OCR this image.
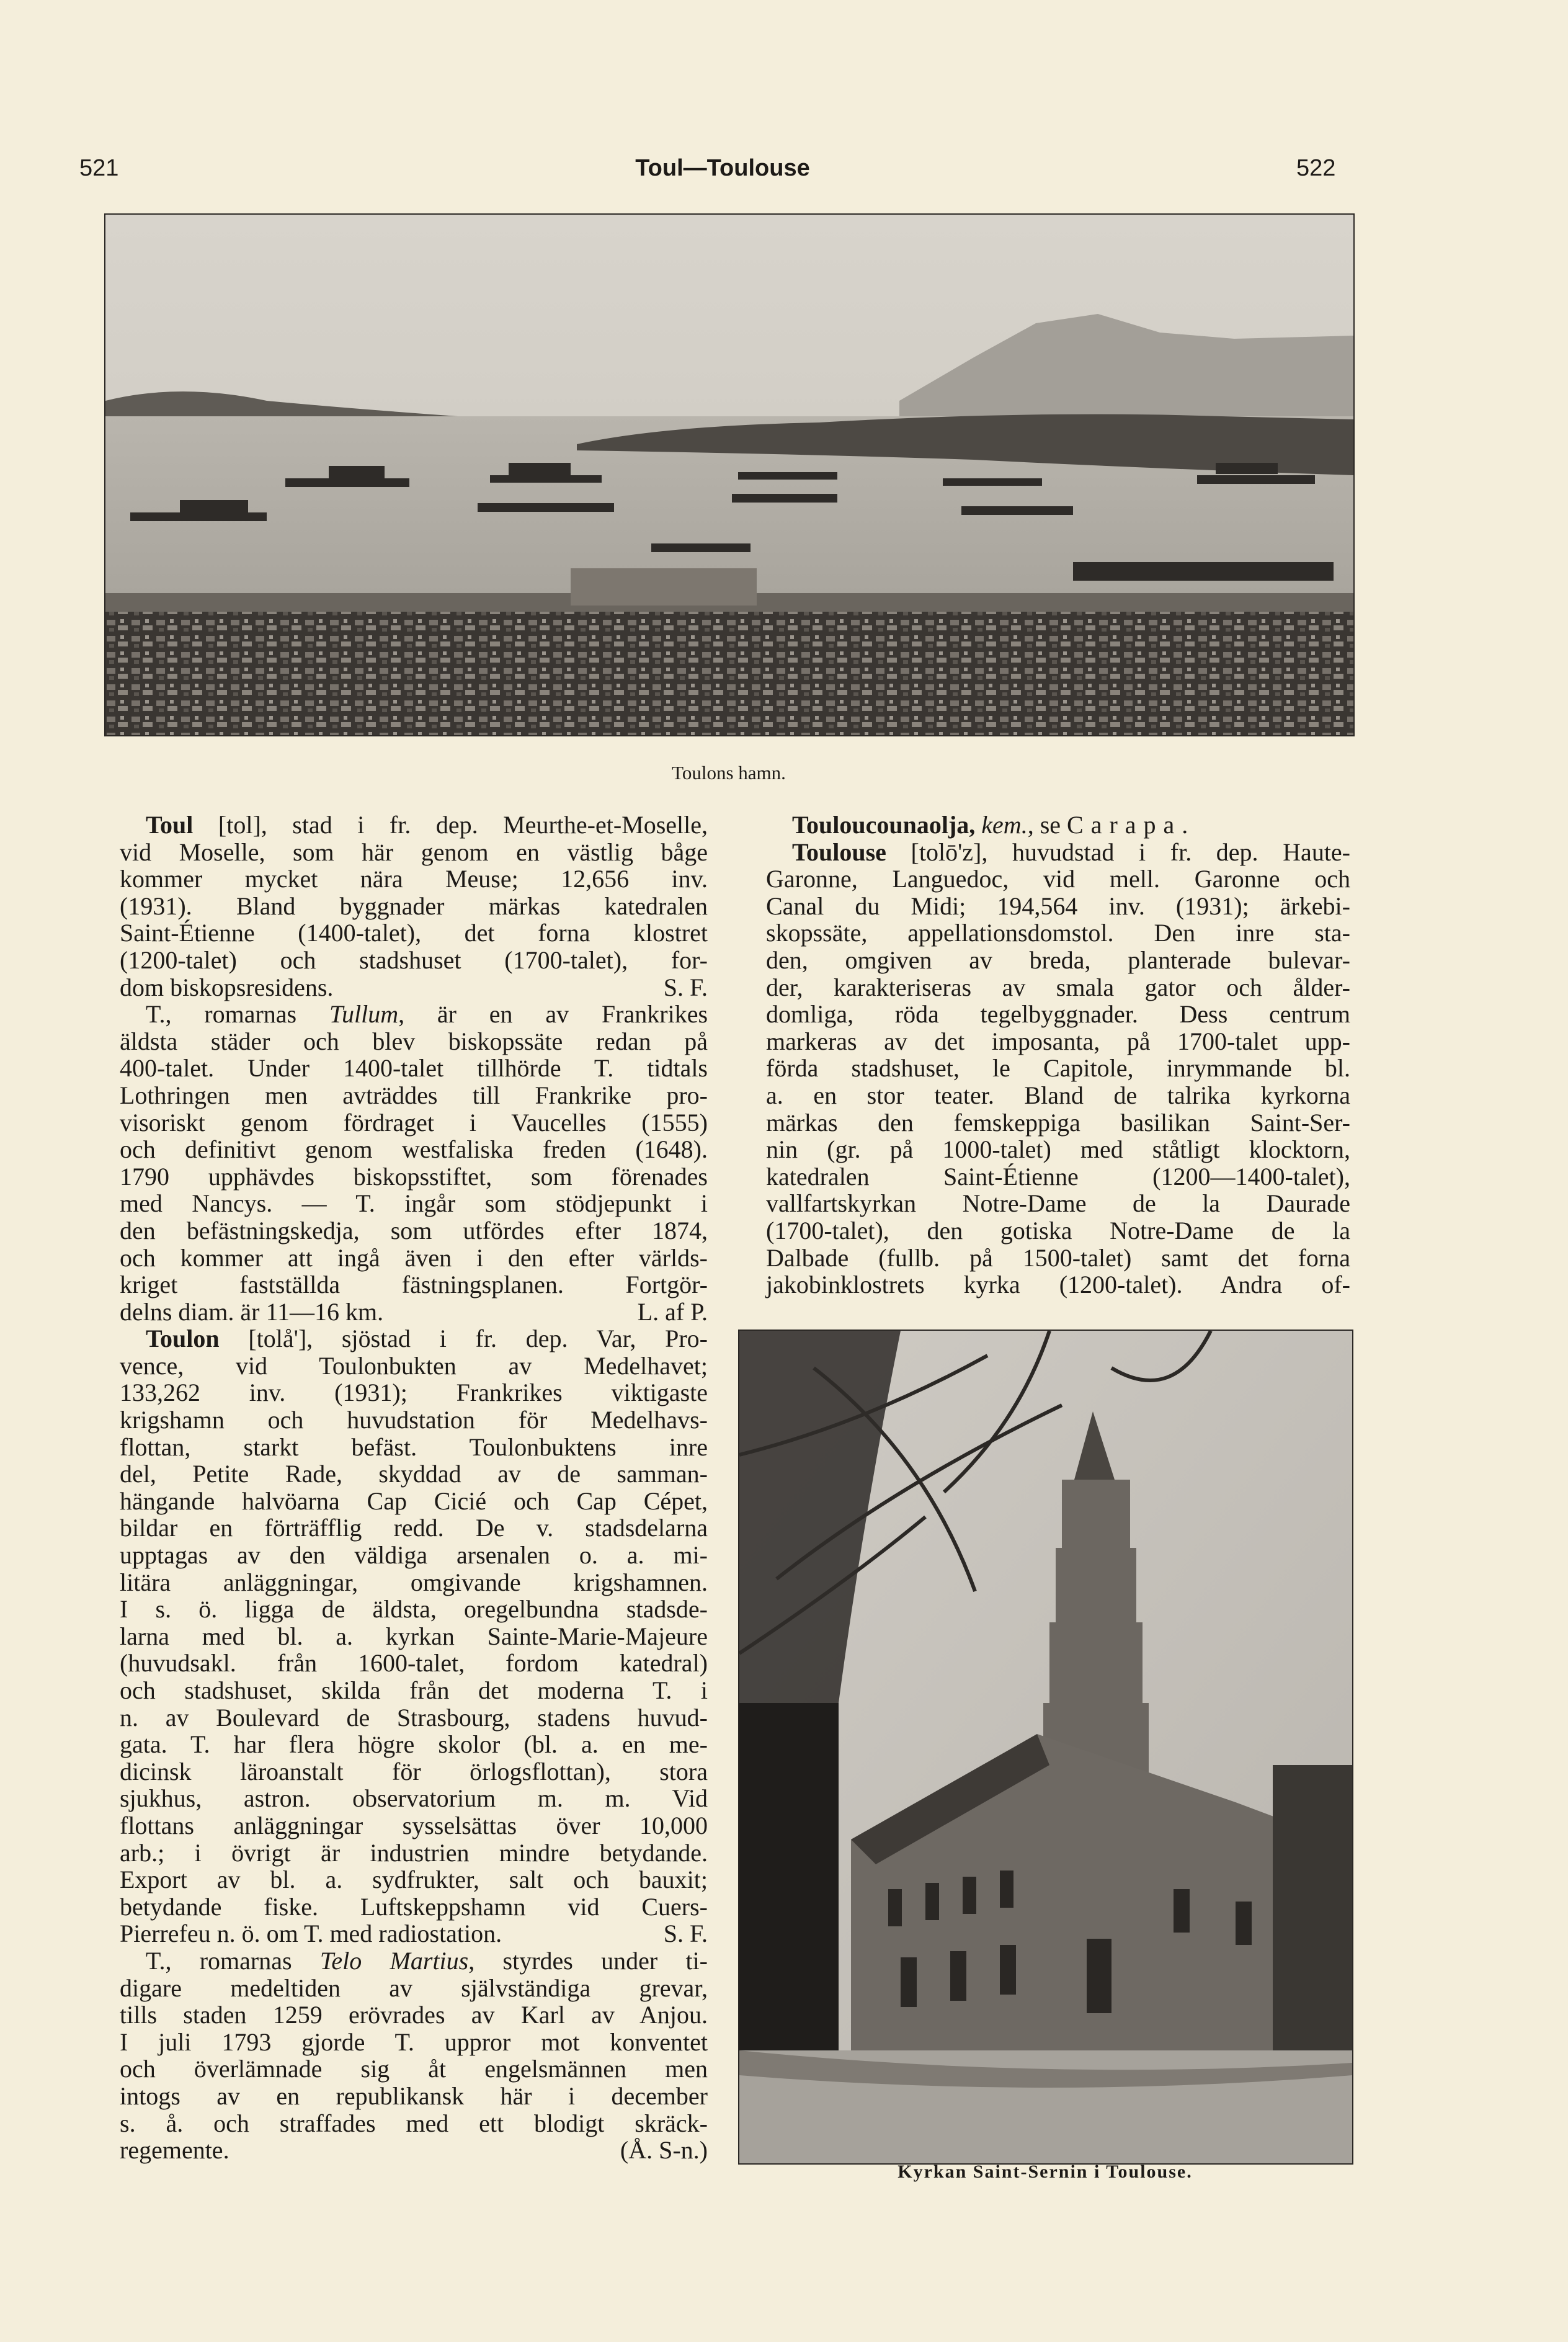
521	Toul—Toulouse	522
Toulons hamn.
Toul [tol], stad i fr. dep. Meurthe-et-Moselle,
vid Moselle, som här genom en västlig båge
kommer mycket nära Meuse; 12,656 inv.
(1931). Bland byggnader märkas katedralen
Saint-Étienne (1400-talet), det forna klostret
(1200-talet) och stadshuset (1700-talet), for-
dom biskopsresidens.	S. F.
T., romarnas Tullum, är en av Frankrikes
äldsta städer och blev biskopssäte redan på
400-talet. Under 1400-talet tillhörde T. tidtals
Lothringen men avträddes till Frankrike pro-
visoriskt genom fördraget i Vaucelles (1555)
och definitivt genom westfaliska freden (1648).
1790 upphävdes biskopsstiftet, som förenades
med Nancys. — T. ingår som stödjepunkt i
den befästningskedja, som utfördes efter 1874,
och kommer att ingå även i den efter världs-
kriget fastställda fästningsplanen. Fortgör-
delns diam. är 11—16 km.	L. af P.
Toulon [tolå'], sjöstad i fr. dep. Var, Pro-
vence, vid Toulonbukten av Medelhavet;
133,262 inv. (1931); Frankrikes viktigaste
krigshamn och huvudstation för Medelhavs-
flottan, starkt befäst. Toulonbuktens inre
del, Petite Rade, skyddad av de samman-
hängande halvöarna Cap Cicié och Cap Cépet,
bildar en förträfflig redd. De v. stadsdelarna
upptagas av den väldiga arsenalen o. a. mi-
litära anläggningar, omgivande krigshamnen.
I s. ö. ligga de äldsta, oregelbundna stadsde-
larna med bl. a. kyrkan Sainte-Marie-Majeure
(huvudsakl. från 1600-talet, fordom katedral)
och stadshuset, skilda från det moderna T. i
n. av Boulevard de Strasbourg, stadens huvud-
gata. T. har flera högre skolor (bl. a. en me-
dicinsk läroanstalt för örlogsflottan), stora
sjukhus, astron. observatorium m. m. Vid
flottans anläggningar sysselsättas över 10,000
arb.; i övrigt är industrien mindre betydande.
Export av bl. a. sydfrukter, salt och bauxit;
betydande fiske. Luftskeppshamn vid Cuers-
Pierrefeu n. ö. om T. med radiostation.	S. F.
T., romarnas Telo Martius, styrdes under ti-
digare medeltiden av självständiga grevar,
tills staden 1259 erövrades av Karl av Anjou.
I juli 1793 gjorde T. uppror mot konventet
och överlämnade sig åt engelsmännen men
intogs av en republikansk här i december
s. å. och straffades med ett blodigt skräck-
regemente.	(Å. S-n.)
Touloucounaolja, kem., se Carapa.
Toulouse [tolō'z], huvudstad i fr. dep. Haute-
Garonne, Languedoc, vid mell. Garonne och
Canal du Midi; 194,564 inv. (1931); ärkebi-
skopssäte, appellationsdomstol. Den inre sta-
den, omgiven av breda, planterade bulevar-
der, karakteriseras av smala gator och ålder-
domliga, röda tegelbyggnader. Dess centrum
markeras av det imposanta, på 1700-talet upp-
förda stadshuset, le Capitole, inrymmande bl.
a. en stor teater. Bland de talrika kyrkorna
märkas den femskeppiga basilikan Saint-Ser-
nin (gr. på 1000-talet) med ståtligt klocktorn,
katedralen Saint-Étienne (1200—1400-talet),
vallfartskyrkan Notre-Dame de la Daurade
(1700-talet), den gotiska Notre-Dame de la
Dalbade (fullb. på 1500-talet) samt det forna
jakobinklostrets kyrka (1200-talet). Andra of-
Kyrkan Saint-Sernin i Toulouse.
